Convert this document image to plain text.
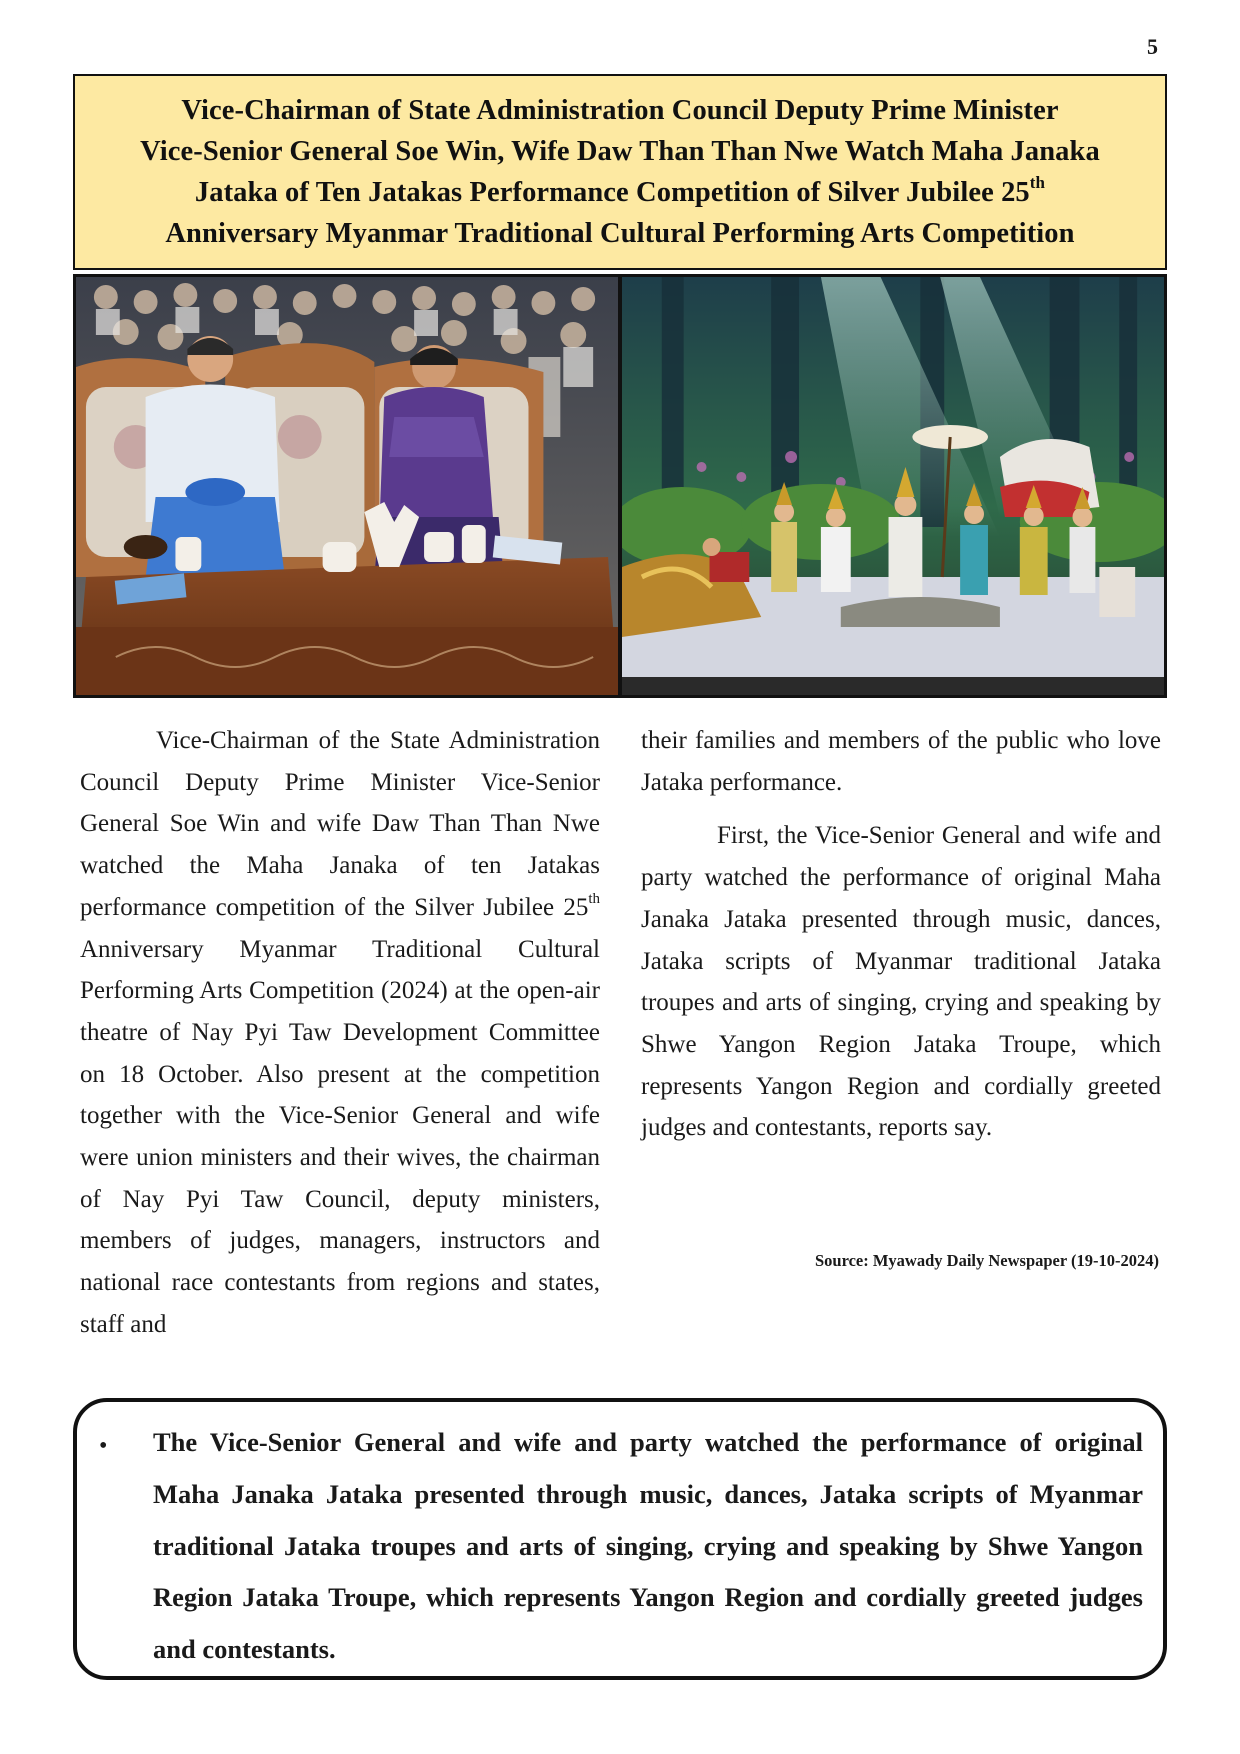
5
Vice-Chairman of State Administration Council Deputy Prime Minister
Vice-Senior General Soe Win, Wife Daw Than Than Nwe Watch Maha Janaka
Jataka of Ten Jatakas Performance Competition of Silver Jubilee 25th
Anniversary Myanmar Traditional Cultural Performing Arts Competition

Vice-Chairman of the State Administration Council Deputy Prime Minister Vice-Senior General Soe Win and wife Daw Than Than Nwe watched the Maha Janaka of ten Jatakas performance competition of the Silver Jubilee 25th Anniversary Myanmar Traditional Cultural Performing Arts Competition (2024) at the open-air theatre of Nay Pyi Taw Development Committee on 18 October. Also present at the competition together with the Vice-Senior General and wife were union ministers and their wives, the chairman of Nay Pyi Taw Council, deputy ministers, members of judges, managers, instructors and national race contestants from regions and states, staff and

their families and members of the public who love Jataka performance.

First, the Vice-Senior General and wife and party watched the performance of original Maha Janaka Jataka presented through music, dances, Jataka scripts of Myanmar traditional Jataka troupes and arts of singing, crying and speaking by Shwe Yangon Region Jataka Troupe, which represents Yangon Region and cordially greeted judges and contestants, reports say.

Source: Myawady Daily Newspaper (19-10-2024)
•	The Vice-Senior General and wife and party watched the performance of original Maha Janaka Jataka presented through music, dances, Jataka scripts of Myanmar traditional Jataka troupes and arts of singing, crying and speaking by Shwe Yangon Region Jataka Troupe, which represents Yangon Region and cordially greeted judges and contestants.
